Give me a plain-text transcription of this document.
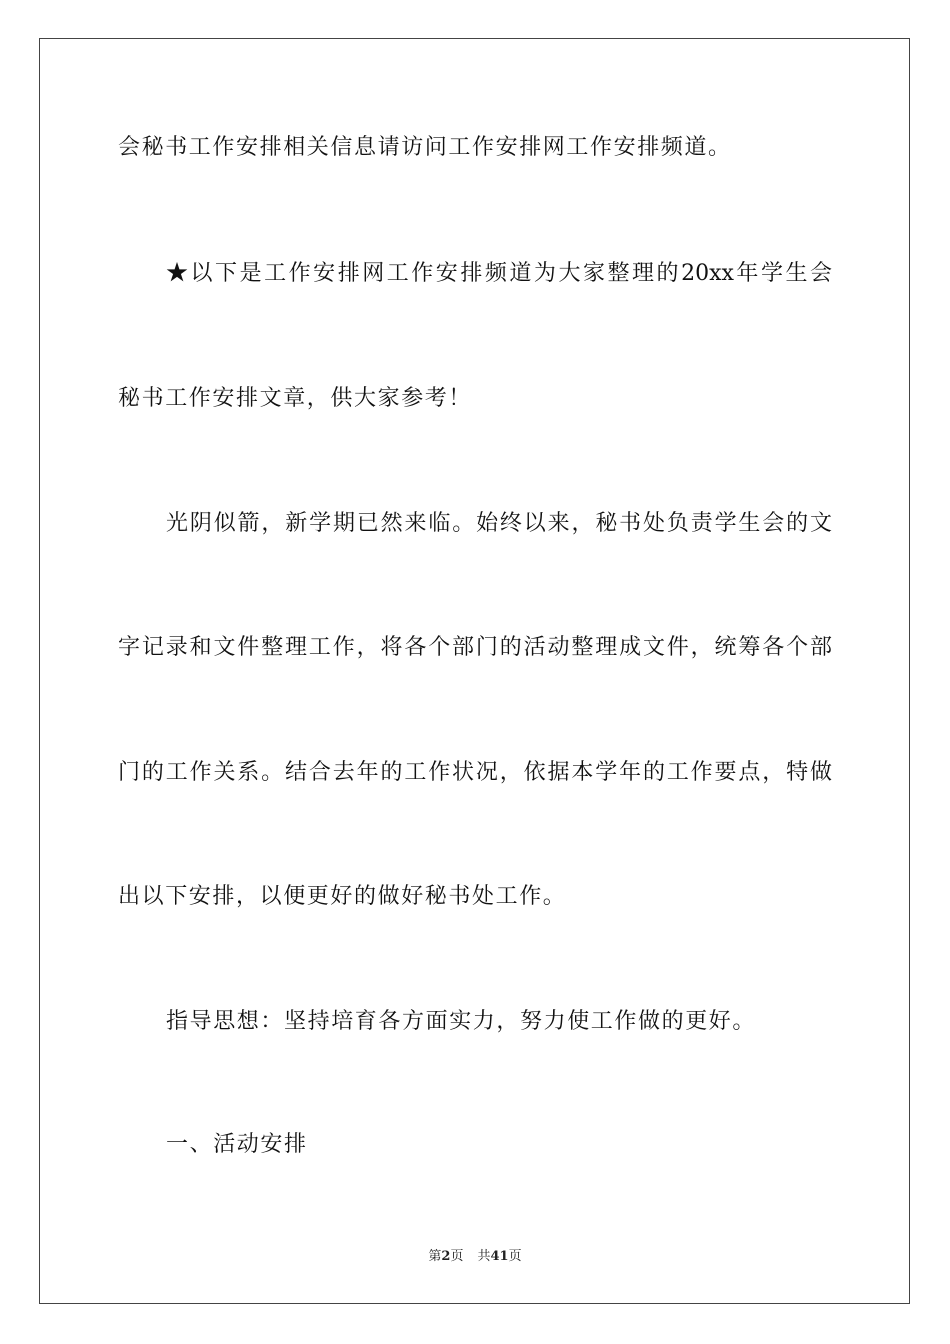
会秘书工作安排相关信息请访问工作安排网工作安排频道。

★以下是工作安排网工作安排频道为大家整理的20xx年学生会

秘书工作安排文章，供大家参考！

光阴似箭，新学期已然来临。始终以来，秘书处负责学生会的文

字记录和文件整理工作，将各个部门的活动整理成文件，统筹各个部

门的工作关系。结合去年的工作状况，依据本学年的工作要点，特做

出以下安排，以便更好的做好秘书处工作。

指导思想：坚持培育各方面实力，努力使工作做的更好。

一、活动安排

第2页 共41页
